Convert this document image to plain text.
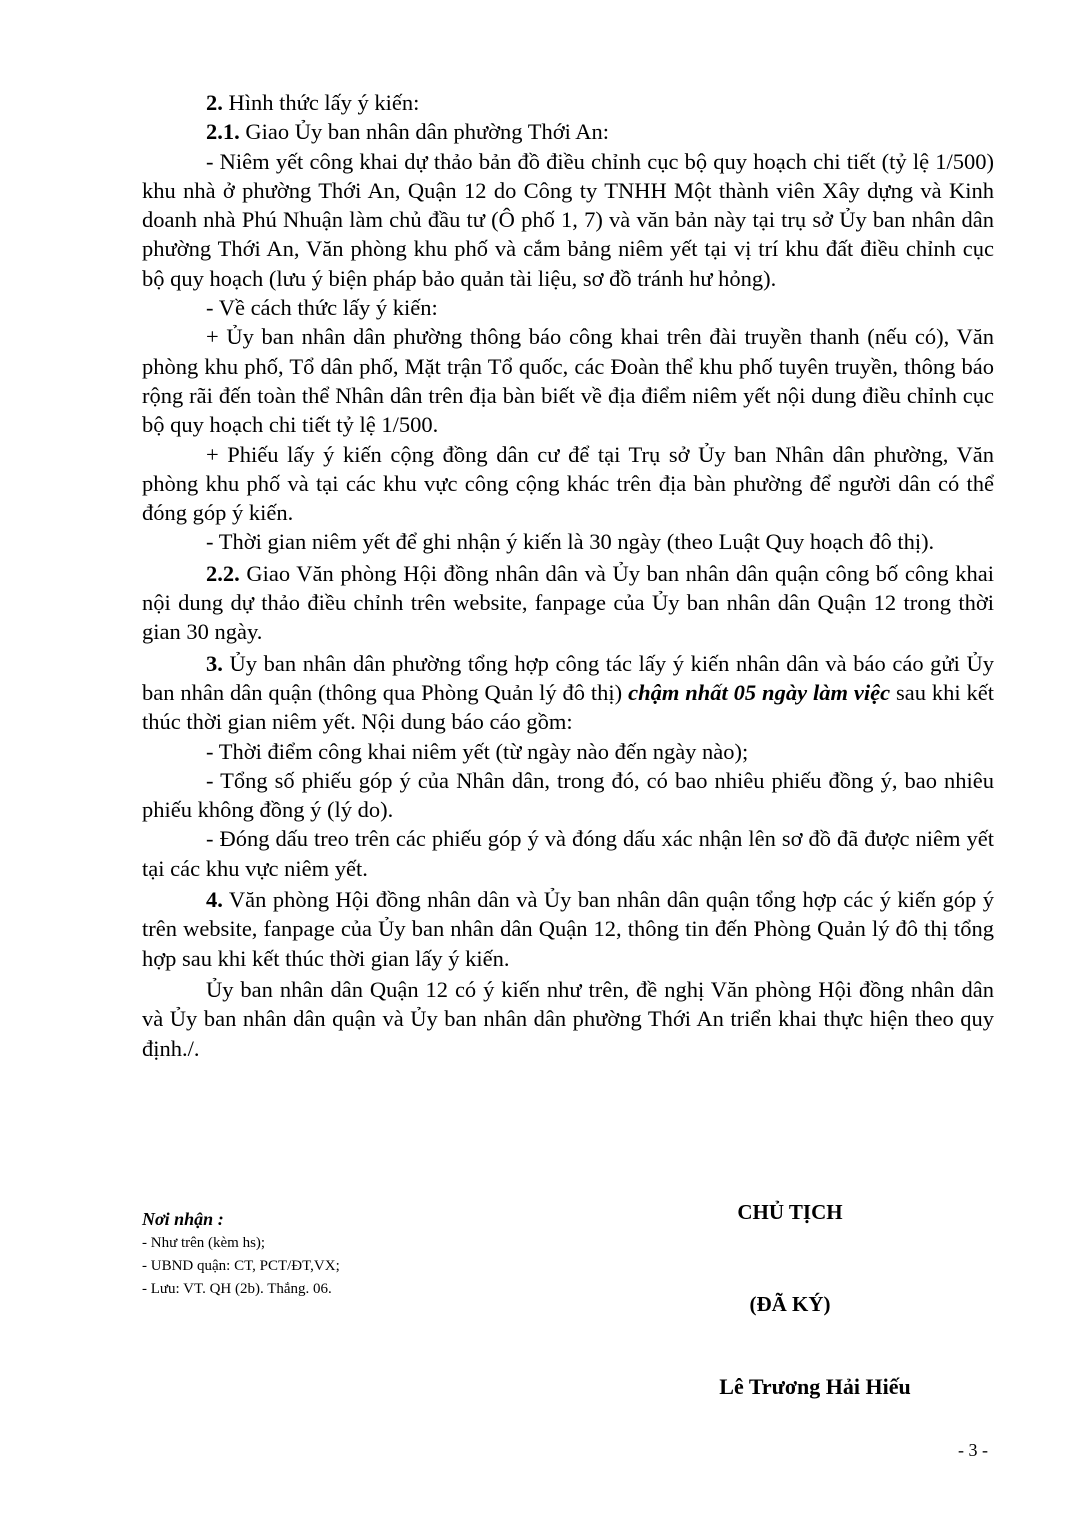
2. Hình thức lấy ý kiến:

2.1. Giao Ủy ban nhân dân phường Thới An:

- Niêm yết công khai dự thảo bản đồ điều chỉnh cục bộ quy hoạch chi tiết (tỷ lệ 1/500) khu nhà ở phường Thới An, Quận 12 do Công ty TNHH Một thành viên Xây dựng và Kinh doanh nhà Phú Nhuận làm chủ đầu tư (Ô phố 1, 7) và văn bản này tại trụ sở Ủy ban nhân dân phường Thới An, Văn phòng khu phố và cắm bảng niêm yết tại vị trí khu đất điều chỉnh cục bộ quy hoạch (lưu ý biện pháp bảo quản tài liệu, sơ đồ tránh hư hỏng).

- Về cách thức lấy ý kiến:

+ Ủy ban nhân dân phường thông báo công khai trên đài truyền thanh (nếu có), Văn phòng khu phố, Tổ dân phố, Mặt trận Tổ quốc, các Đoàn thể khu phố tuyên truyền, thông báo rộng rãi đến toàn thể Nhân dân trên địa bàn biết về địa điểm niêm yết nội dung điều chỉnh cục bộ quy hoạch chi tiết tỷ lệ 1/500.

+ Phiếu lấy ý kiến cộng đồng dân cư để tại Trụ sở Ủy ban Nhân dân phường, Văn phòng khu phố và tại các khu vực công cộng khác trên địa bàn phường để người dân có thể đóng góp ý kiến.

- Thời gian niêm yết để ghi nhận ý kiến là 30 ngày (theo Luật Quy hoạch đô thị).

2.2. Giao Văn phòng Hội đồng nhân dân và Ủy ban nhân dân quận công bố công khai nội dung dự thảo điều chỉnh trên website, fanpage của Ủy ban nhân dân Quận 12 trong thời gian 30 ngày.

3. Ủy ban nhân dân phường tổng hợp công tác lấy ý kiến nhân dân và báo cáo gửi Ủy ban nhân dân quận (thông qua Phòng Quản lý đô thị) chậm nhất 05 ngày làm việc sau khi kết thúc thời gian niêm yết. Nội dung báo cáo gồm:

- Thời điểm công khai niêm yết (từ ngày nào đến ngày nào);

- Tổng số phiếu góp ý của Nhân dân, trong đó, có bao nhiêu phiếu đồng ý, bao nhiêu phiếu không đồng ý (lý do).

- Đóng dấu treo trên các phiếu góp ý và đóng dấu xác nhận lên sơ đồ đã được niêm yết tại các khu vực niêm yết.

4. Văn phòng Hội đồng nhân dân và Ủy ban nhân dân quận tổng hợp các ý kiến góp ý trên website, fanpage của Ủy ban nhân dân Quận 12, thông tin đến Phòng Quản lý đô thị tổng hợp sau khi kết thúc thời gian lấy ý kiến.

Ủy ban nhân dân Quận 12 có ý kiến như trên, đề nghị Văn phòng Hội đồng nhân dân và Ủy ban nhân dân quận và Ủy ban nhân dân phường Thới An triển khai thực hiện theo quy định./.

Nơi nhận :
- Như trên (kèm hs);
- UBND quận: CT, PCT/ĐT,VX;
- Lưu: VT. QH (2b). Thắng. 06.
CHỦ TỊCH
(ĐÃ KÝ)
Lê Trương Hải Hiếu
- 3 -
